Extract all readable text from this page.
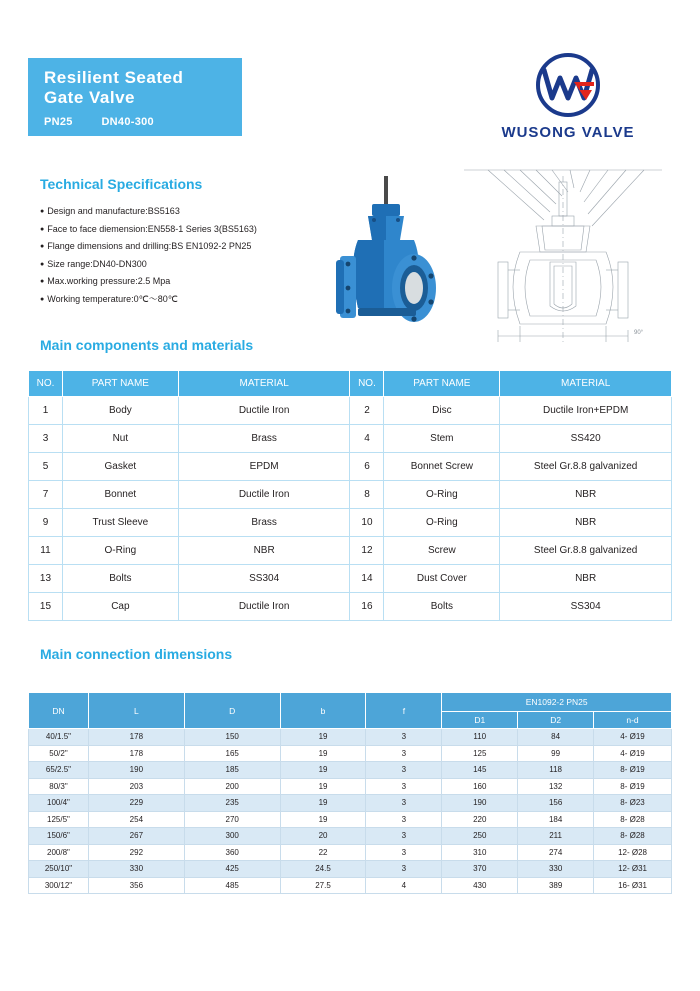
Resilient Seated
Gate Valve
PN25	DN40-300
WUSONG VALVE
Technical Specifications
● Design and manufacture:BS5163
● Face to face diemension:EN558-1 Series 3(BS5163)
● Flange dimensions and drilling:BS EN1092-2 PN25
● Size range:DN40-DN300
● Max.working pressure:2.5 Mpa
● Working temperature:0℃～80℃
90°
Main components and materials
NO.	PART NAME	MATERIAL	NO.	PART NAME	MATERIAL
1	Body	Ductile Iron	2	Disc	Ductile Iron+EPDM
3	Nut	Brass	4	Stem	SS420
5	Gasket	EPDM	6	Bonnet Screw	Steel Gr.8.8 galvanized
7	Bonnet	Ductile Iron	8	O-Ring	NBR
9	Trust Sleeve	Brass	10	O-Ring	NBR
11	O-Ring	NBR	12	Screw	Steel Gr.8.8 galvanized
13	Bolts	SS304	14	Dust Cover	NBR
15	Cap	Ductile Iron	16	Bolts	SS304
Main connection dimensions
DN	L	D	b	f	EN1092-2 PN25		
					D1	D2	n-d
40/1.5"	178	150	19	3	110	84	4- Ø19
50/2"	178	165	19	3	125	99	4- Ø19
65/2.5"	190	185	19	3	145	118	8- Ø19
80/3"	203	200	19	3	160	132	8- Ø19
100/4"	229	235	19	3	190	156	8- Ø23
125/5"	254	270	19	3	220	184	8- Ø28
150/6"	267	300	20	3	250	211	8- Ø28
200/8"	292	360	22	3	310	274	12- Ø28
250/10"	330	425	24.5	3	370	330	12- Ø31
300/12"	356	485	27.5	4	430	389	16- Ø31
